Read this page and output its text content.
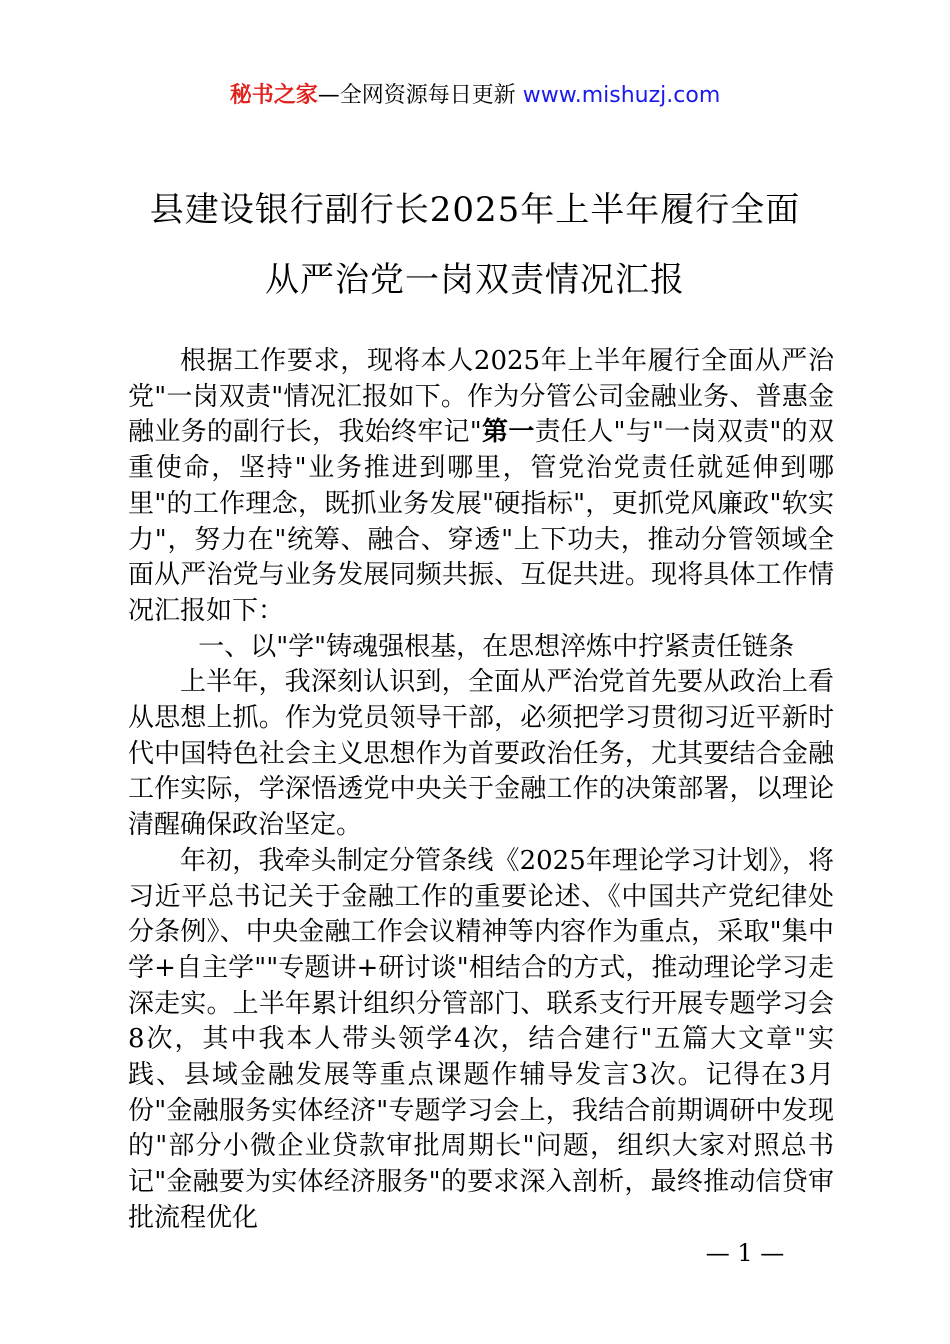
秘书之家—全网资源每日更新 www.mishuzj.com
县建设银行副行长2025年上半年履行全面
从严治党一岗双责情况汇报

根据工作要求，现将本人2025年上半年履行全面从严治党"一岗双责"情况汇报如下。作为分管公司金融业务、普惠金融业务的副行长，我始终牢记"第一责任人"与"一岗双责"的双重使命，坚持"业务推进到哪里，管党治党责任就延伸到哪里"的工作理念，既抓业务发展"硬指标"，更抓党风廉政"软实力"，努力在"统筹、融合、穿透"上下功夫，推动分管领域全面从严治党与业务发展同频共振、互促共进。现将具体工作情况汇报如下：

一、以"学"铸魂强根基，在思想淬炼中拧紧责任链条

上半年，我深刻认识到，全面从严治党首先要从政治上看从思想上抓。作为党员领导干部，必须把学习贯彻习近平新时代中国特色社会主义思想作为首要政治任务，尤其要结合金融工作实际，学深悟透党中央关于金融工作的决策部署，以理论清醒确保政治坚定。

年初，我牵头制定分管条线《2025年理论学习计划》，将习近平总书记关于金融工作的重要论述、《中国共产党纪律处分条例》、中央金融工作会议精神等内容作为重点，采取"集中学+自主学""专题讲+研讨谈"相结合的方式，推动理论学习走深走实。上半年累计组织分管部门、联系支行开展专题学习会8次，其中我本人带头领学4次，结合建行"五篇大文章"实践、县域金融发展等重点课题作辅导发言3次。记得在3月份"金融服务实体经济"专题学习会上，我结合前期调研中发现的"部分小微企业贷款审批周期长"问题，组织大家对照总书记"金融要为实体经济服务"的要求深入剖析，最终推动信贷审批流程优化

— 1 —
